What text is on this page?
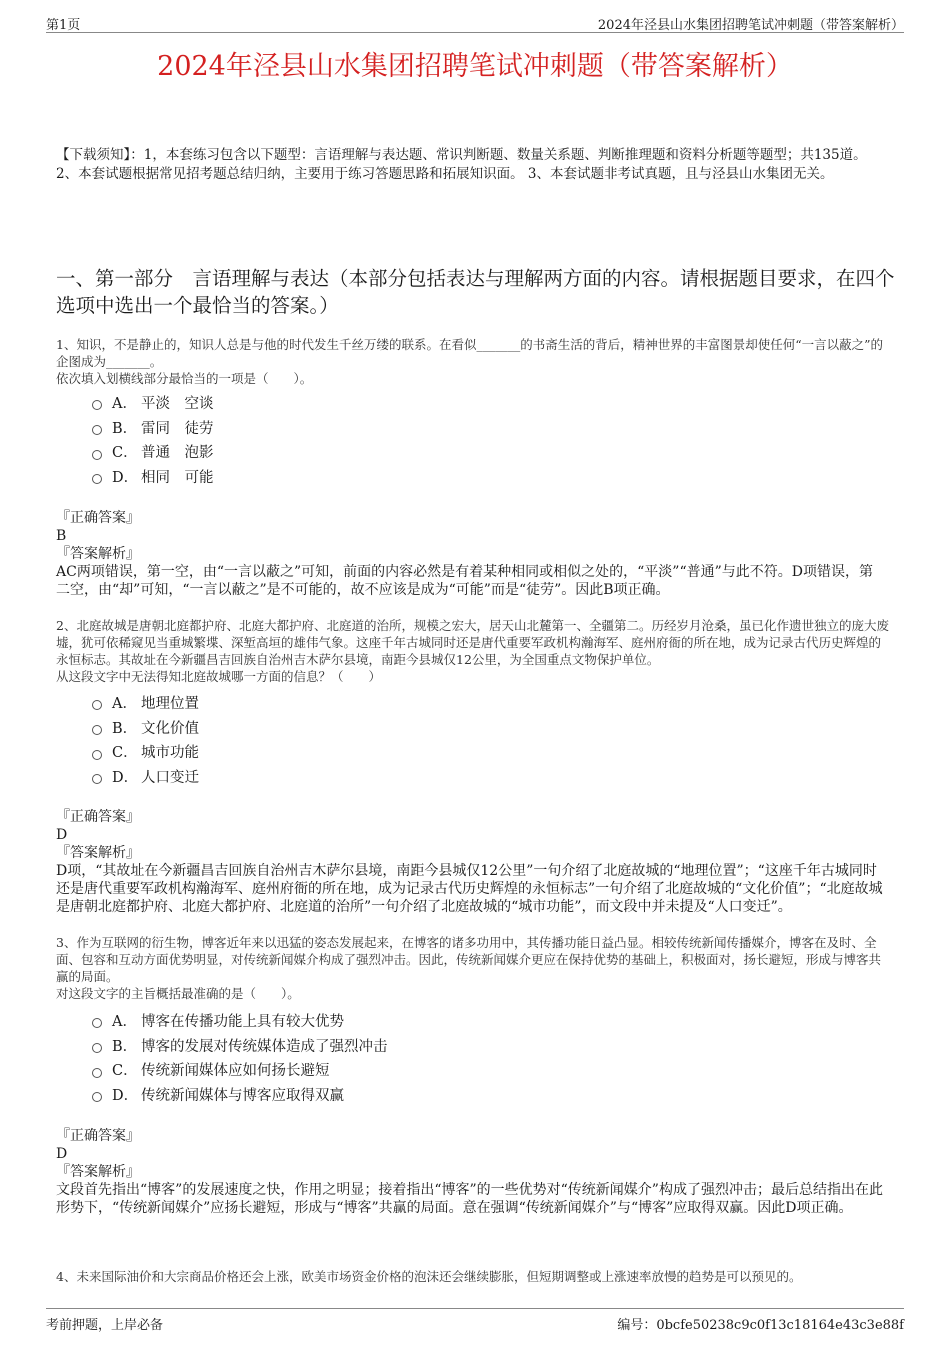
第1页	2024年泾县山水集团招聘笔试冲刺题（带答案解析）
2024年泾县山水集团招聘笔试冲刺题（带答案解析）
【下载须知】：1，本套练习包含以下题型：言语理解与表达题、常识判断题、数量关系题、判断推理题和资料分析题等题型；共135道。 2、本套试题根据常见招考题总结归纳，主要用于练习答题思路和拓展知识面。 3、本套试题非考试真题，且与泾县山水集团无关。
一、第一部分　言语理解与表达（本部分包括表达与理解两方面的内容。请根据题目要求，在四个选项中选出一个最恰当的答案。）
1、知识，不是静止的，知识人总是与他的时代发生千丝万缕的联系。在看似_______的书斋生活的背后，精神世界的丰富图景却使任何“一言以蔽之”的企图成为_______。
依次填入划横线部分最恰当的一项是（　　）。
A． 平淡　空谈
B． 雷同　徒劳
C． 普通　泡影
D． 相同　可能
『正确答案』
B
『答案解析』
AC两项错误，第一空，由“一言以蔽之”可知，前面的内容必然是有着某种相同或相似之处的，“平淡”“普通”与此不符。D项错误，第二空，由“却”可知，“一言以蔽之”是不可能的，故不应该是成为“可能”而是“徒劳”。因此B项正确。
2、北庭故城是唐朝北庭都护府、北庭大都护府、北庭道的治所，规模之宏大，居天山北麓第一、全疆第二。历经岁月沧桑，虽已化作遗世独立的庞大废墟，犹可依稀窥见当重城繁堞、深堑高垣的雄伟气象。这座千年古城同时还是唐代重要军政机构瀚海军、庭州府衙的所在地，成为记录古代历史辉煌的永恒标志。其故址在今新疆昌吉回族自治州吉木萨尔县境，南距今县城仅12公里，为全国重点文物保护单位。
从这段文字中无法得知北庭故城哪一方面的信息？（　　）
A． 地理位置
B． 文化价值
C． 城市功能
D． 人口变迁
『正确答案』
D
『答案解析』
D项，“其故址在今新疆昌吉回族自治州吉木萨尔县境，南距今县城仅12公里”一句介绍了北庭故城的“地理位置”；“这座千年古城同时还是唐代重要军政机构瀚海军、庭州府衙的所在地，成为记录古代历史辉煌的永恒标志”一句介绍了北庭故城的“文化价值”；“北庭故城是唐朝北庭都护府、北庭大都护府、北庭道的治所”一句介绍了北庭故城的“城市功能”，而文段中并未提及“人口变迁”。
3、作为互联网的衍生物，博客近年来以迅猛的姿态发展起来，在博客的诸多功用中，其传播功能日益凸显。相较传统新闻传播媒介，博客在及时、全面、包容和互动方面优势明显，对传统新闻媒介构成了强烈冲击。因此，传统新闻媒介更应在保持优势的基础上，积极面对，扬长避短，形成与博客共赢的局面。
对这段文字的主旨概括最准确的是（　　）。
A． 博客在传播功能上具有较大优势
B． 博客的发展对传统媒体造成了强烈冲击
C． 传统新闻媒体应如何扬长避短
D． 传统新闻媒体与博客应取得双赢
『正确答案』
D
『答案解析』
文段首先指出“博客”的发展速度之快，作用之明显；接着指出“博客”的一些优势对“传统新闻媒介”构成了强烈冲击；最后总结指出在此形势下，“传统新闻媒介”应扬长避短，形成与“博客”共赢的局面。意在强调“传统新闻媒介”与“博客”应取得双赢。因此D项正确。
4、未来国际油价和大宗商品价格还会上涨，欧美市场资金价格的泡沫还会继续膨胀，但短期调整或上涨速率放慢的趋势是可以预见的。
考前押题，上岸必备	编号：0bcfe50238c9c0f13c18164e43c3e88f
